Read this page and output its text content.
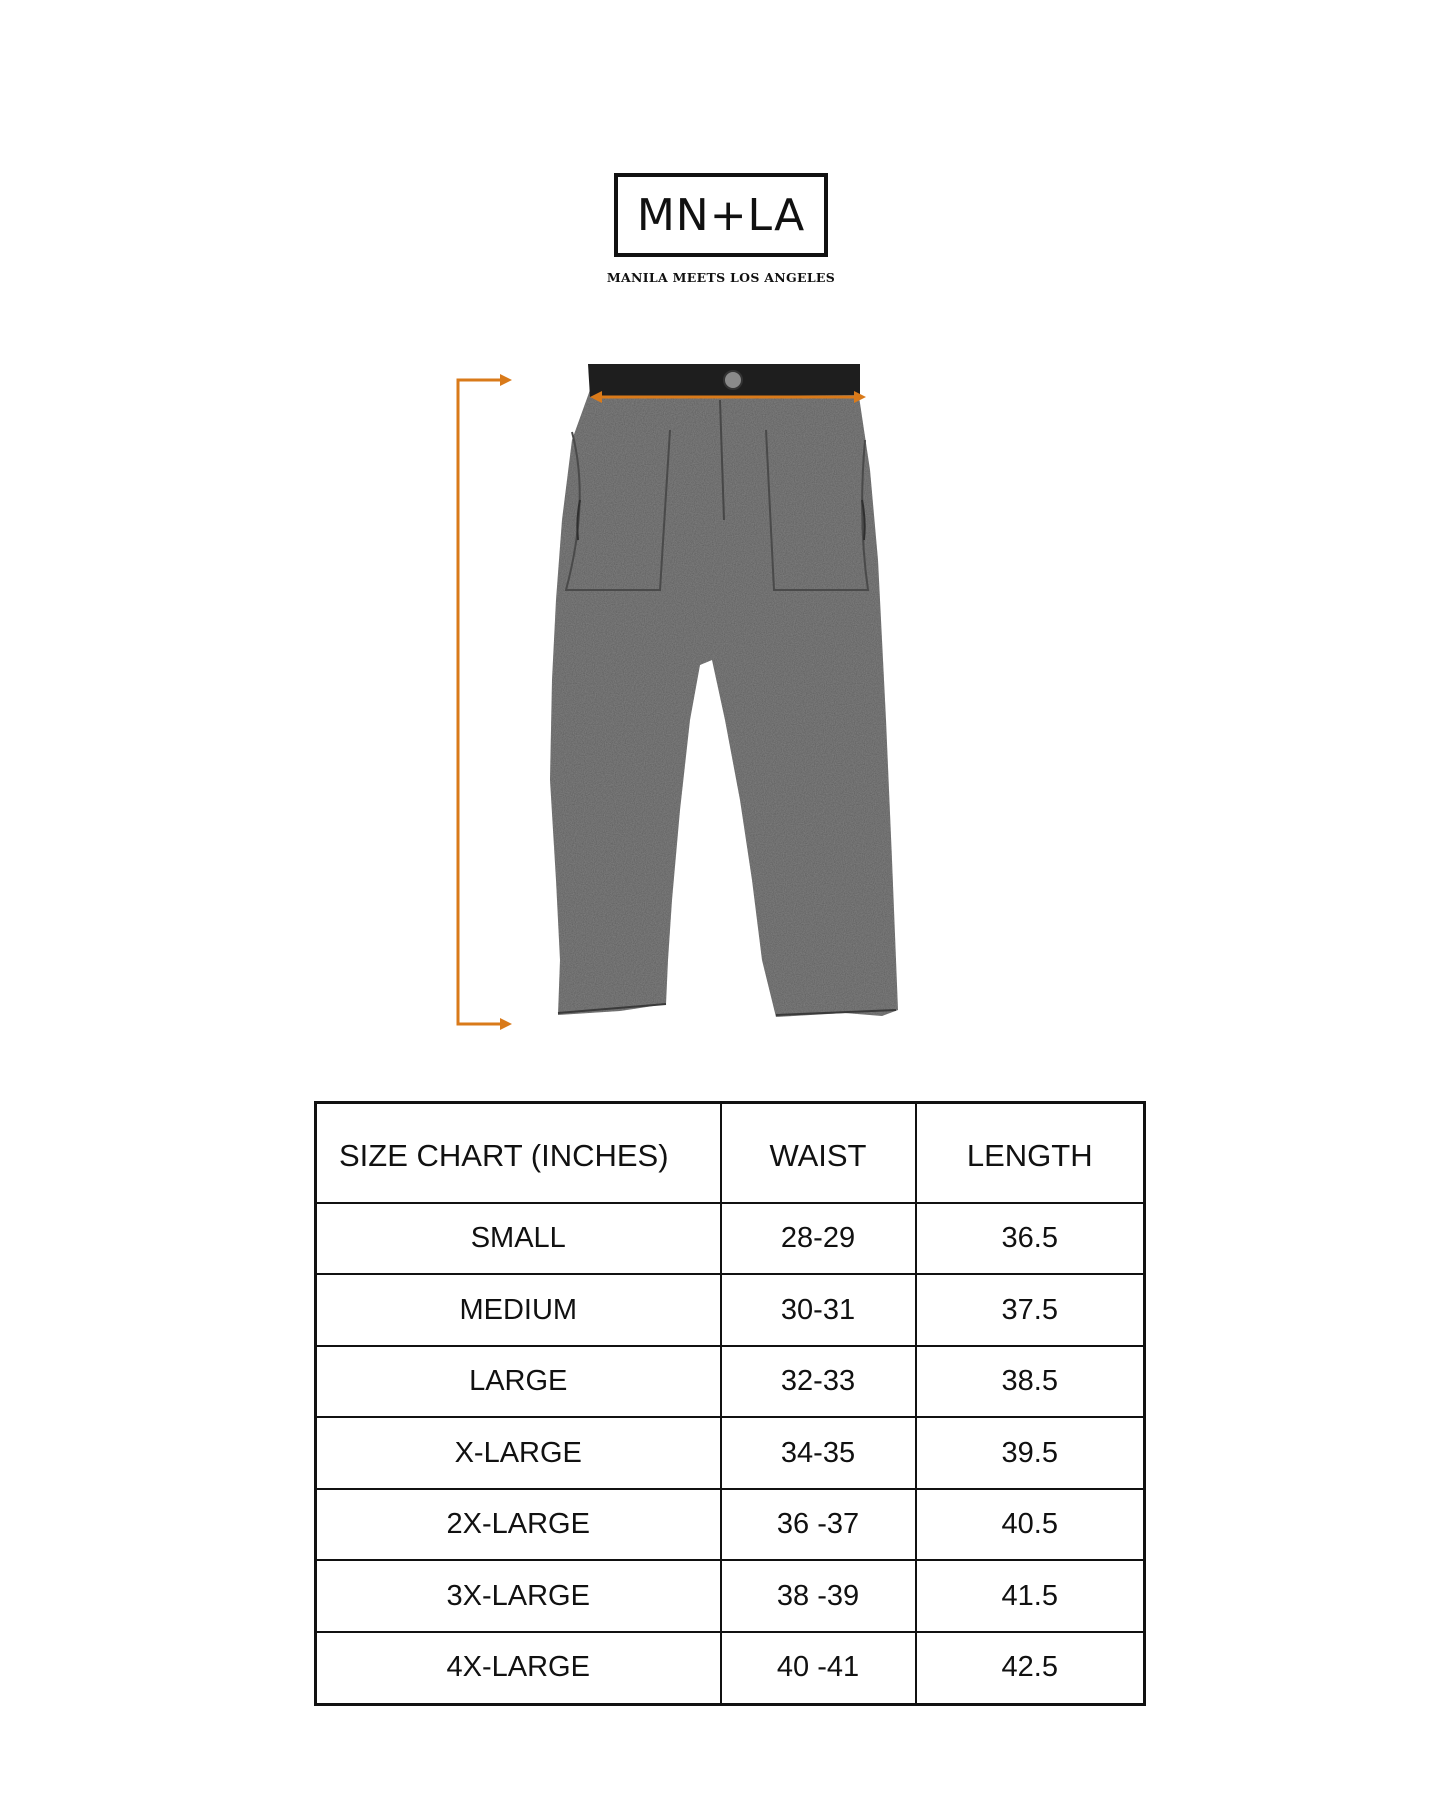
MN+LA
MANILA MEETS LOS ANGELES
SIZE CHART (INCHES)	WAIST	LENGTH
SMALL	28-29	36.5
MEDIUM	30-31	37.5
LARGE	32-33	38.5
X-LARGE	34-35	39.5
2X-LARGE	36 -37	40.5
3X-LARGE	38 -39	41.5
4X-LARGE	40 -41	42.5
